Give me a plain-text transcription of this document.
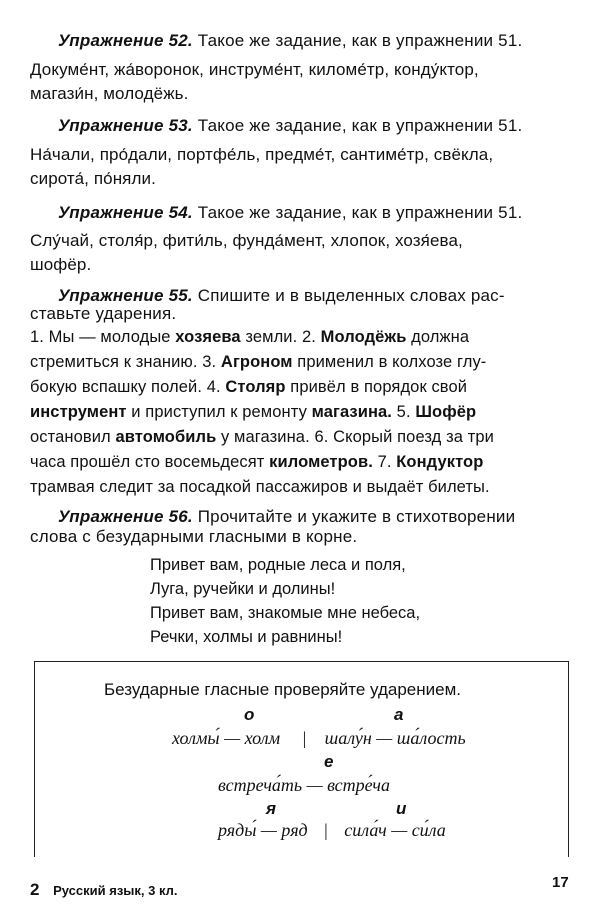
Упражнение 52. Такое же задание, как в упражнении 51.
Докуме́нт, жа́воронок, инструме́нт, киломе́тр, конду́ктор,
магази́н, молодёжь.
Упражнение 53. Такое же задание, как в упражнении 51.
На́чали, про́дали, портфе́ль, предме́т, сантиме́тр, свёкла,
сирота́, по́няли.
Упражнение 54. Такое же задание, как в упражнении 51.
Слу́чай, столя́р, фити́ль, фунда́мент, хлопок, хозя́ева,
шофёр.
Упражнение 55. Спишите и в выделенных словах рас-
ставьте ударения.
1. Мы — молодые хозяева земли. 2. Молодёжь должна
стремиться к знанию. 3. Агроном применил в колхозе глу-
бокую вспашку полей. 4. Столяр привёл в порядок свой
инструмент и приступил к ремонту магазина. 5. Шофёр
остановил автомобиль у магазина. 6. Скорый поезд за три
часа прошёл сто восемьдесят километров. 7. Кондуктор
трамвая следит за посадкой пассажиров и выдаёт билеты.
Упражнение 56. Прочитайте и укажите в стихотворении
слова с безударными гласными в корне.
Привет вам, родные леса и поля,
Луга, ручейки и долины!
Привет вам, знакомые мне небеса,
Речки, холмы и равнины!
Безударные гласные проверяйте ударением.
о	а
холмы́ — холм | шалу́н — ша́лость
е
встреча́ть — встре́ча
я	и
ряды́ — ряд | сила́ч — си́ла
2 Русский язык, 3 кл.	17
